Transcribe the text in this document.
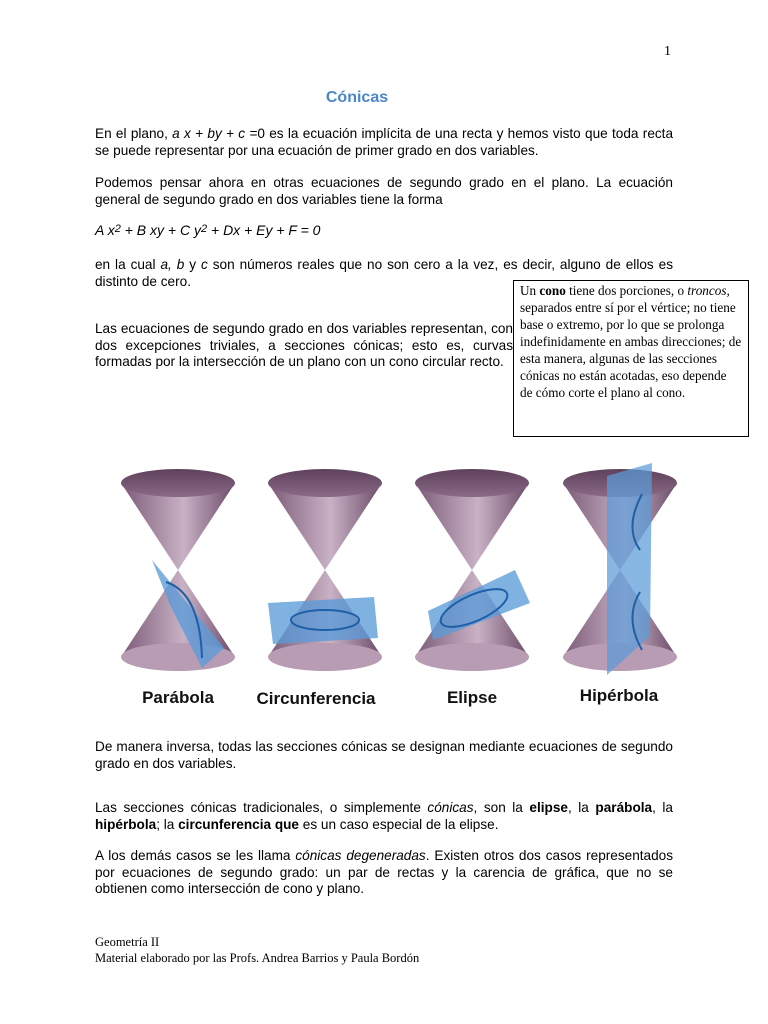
1
Cónicas

En el plano, a x + by + c =0 es la ecuación implícita de una recta y hemos visto que toda recta se puede representar por una ecuación de primer grado en dos variables.

Podemos pensar ahora en otras ecuaciones de segundo grado en el plano. La ecuación general de segundo grado en dos variables tiene la forma

A $x^2 + B$ xy + C $y^2 + Dx + Ey + F = 0$

en la cual a, b y c son números reales que no son cero a la vez, es decir, alguno de ellos es distinto de cero.

Las ecuaciones de segundo grado en dos variables representan, con dos excepciones triviales, a secciones cónicas; esto es, curvas formadas por la intersección de un plano con un cono circular recto.

Un cono tiene dos porciones, o troncos, separados entre sí por el vértice; no tiene base o extremo, por lo que se prolonga indefinidamente en ambas direcciones; de esta manera, algunas de las secciones cónicas no están acotadas, eso depende de cómo corte el plano al cono.
Parábola	Circunferencia	Elipse	Hipérbola

De manera inversa, todas las secciones cónicas se designan mediante ecuaciones de segundo grado en dos variables.

Las secciones cónicas tradicionales, o simplemente cónicas, son la elipse, la parábola, la hipérbola; la circunferencia que es un caso especial de la elipse.

A los demás casos se les llama cónicas degeneradas. Existen otros dos casos representados por ecuaciones de segundo grado: un par de rectas y la carencia de gráfica, que no se obtienen como intersección de cono y plano.

Geometría II
Material elaborado por las Profs. Andrea Barrios y Paula Bordón
